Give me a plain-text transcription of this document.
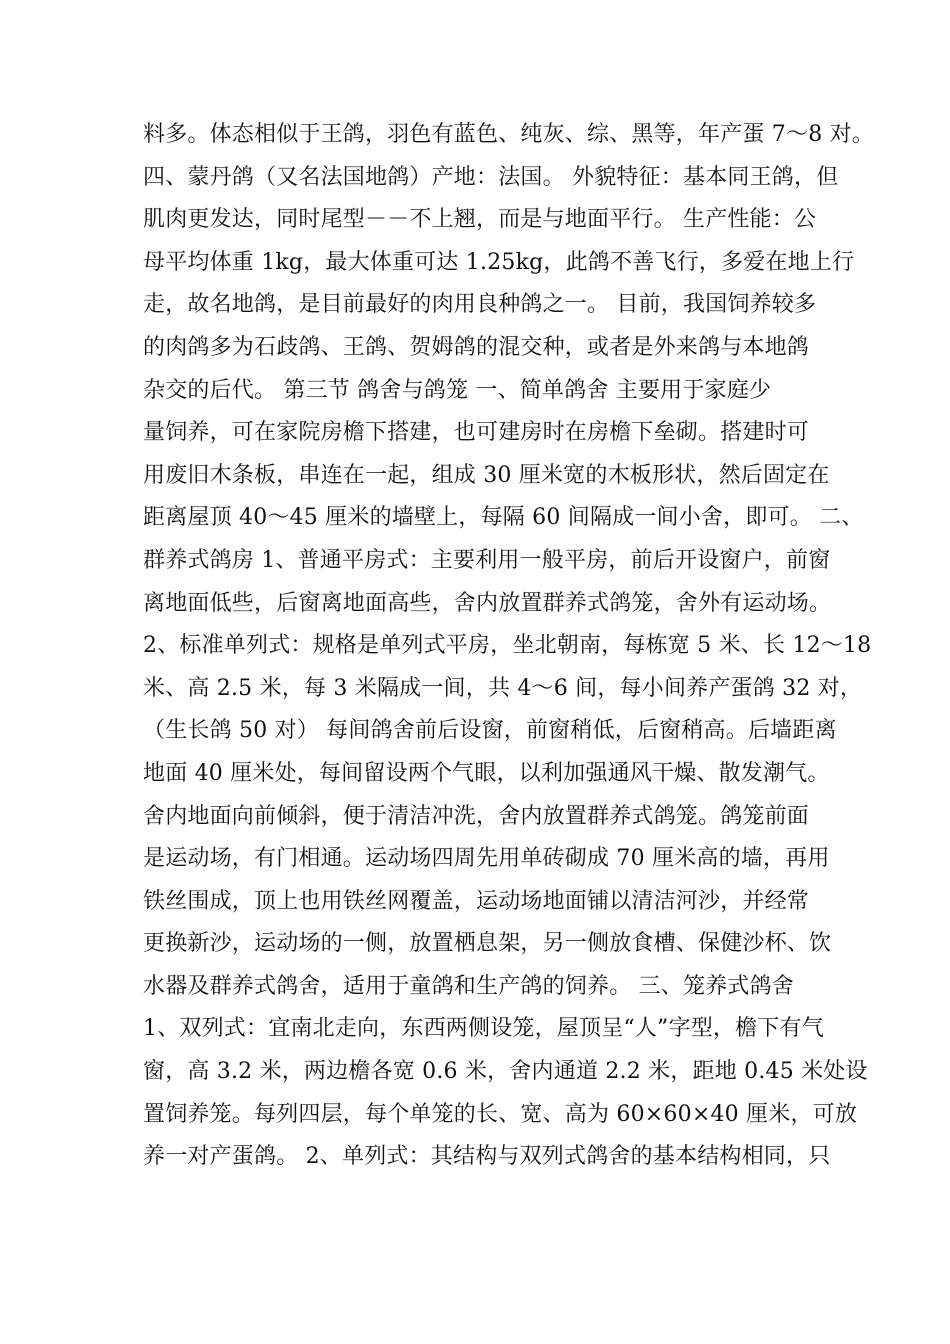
料多。体态相似于王鸽，羽色有蓝色、纯灰、综、黑等，年产蛋 7～8 对。
四、蒙丹鸽（又名法国地鸽）产地：法国。 外貌特征：基本同王鸽，但
肌肉更发达，同时尾型－－不上翘，而是与地面平行。 生产性能：公
母平均体重 1kg，最大体重可达 1.25kg，此鸽不善飞行，多爱在地上行
走，故名地鸽，是目前最好的肉用良种鸽之一。 目前，我国饲养较多
的肉鸽多为石歧鸽、王鸽、贺姆鸽的混交种，或者是外来鸽与本地鸽
杂交的后代。 第三节 鸽舍与鸽笼 一、简单鸽舍 主要用于家庭少
量饲养，可在家院房檐下搭建，也可建房时在房檐下垒砌。搭建时可
用废旧木条板，串连在一起，组成 30 厘米宽的木板形状，然后固定在
距离屋顶 40～45 厘米的墙壁上，每隔 60 间隔成一间小舍，即可。 二、
群养式鸽房 1、普通平房式：主要利用一般平房，前后开设窗户，前窗
离地面低些，后窗离地面高些，舍内放置群养式鸽笼，舍外有运动场。
2、标准单列式：规格是单列式平房，坐北朝南，每栋宽 5 米、长 12～18
米、高 2.5 米，每 3 米隔成一间，共 4～6 间，每小间养产蛋鸽 32 对，
（生长鸽 50 对） 每间鸽舍前后设窗，前窗稍低，后窗稍高。后墙距离
地面 40 厘米处，每间留设两个气眼，以利加强通风干燥、散发潮气。
舍内地面向前倾斜，便于清洁冲洗，舍内放置群养式鸽笼。鸽笼前面
是运动场，有门相通。运动场四周先用单砖砌成 70 厘米高的墙，再用
铁丝围成，顶上也用铁丝网覆盖，运动场地面铺以清洁河沙，并经常
更换新沙，运动场的一侧，放置栖息架，另一侧放食槽、保健沙杯、饮
水器及群养式鸽舍，适用于童鸽和生产鸽的饲养。 三、笼养式鸽舍
1、双列式：宜南北走向，东西两侧设笼，屋顶呈“人”字型，檐下有气
窗，高 3.2 米，两边檐各宽 0.6 米，舍内通道 2.2 米，距地 0.45 米处设
置饲养笼。每列四层，每个单笼的长、宽、高为 60×60×40 厘米，可放
养一对产蛋鸽。 2、单列式：其结构与双列式鸽舍的基本结构相同，只
